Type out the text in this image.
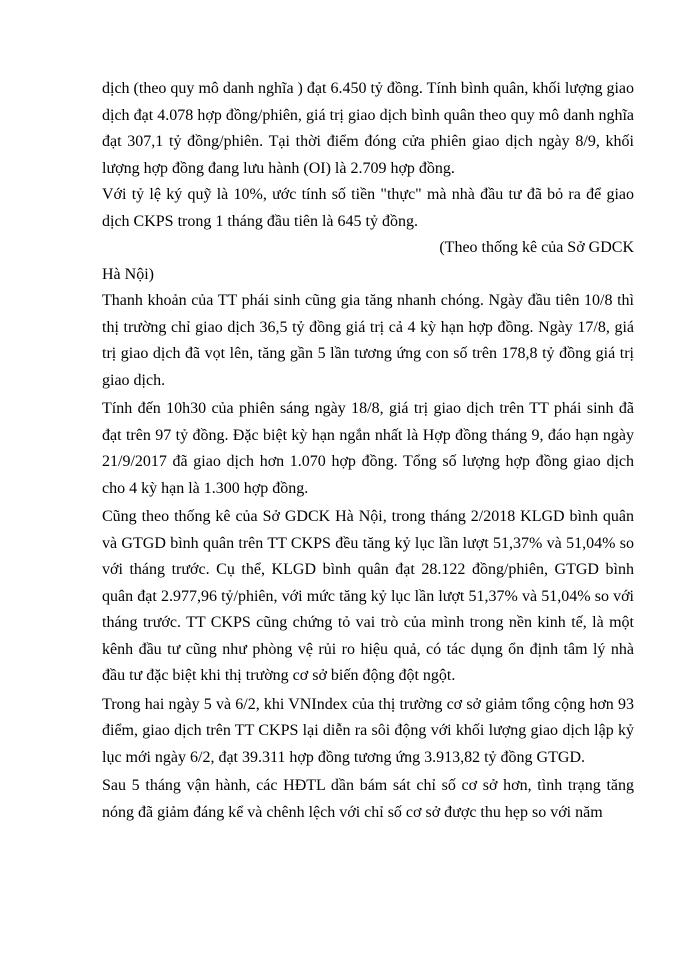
dịch (theo quy mô danh nghĩa ) đạt 6.450 tỷ đồng. Tính bình quân, khối lượng giao dịch đạt 4.078 hợp đồng/phiên, giá trị giao dịch bình quân theo quy mô danh nghĩa đạt 307,1 tỷ đồng/phiên. Tại thời điểm đóng cửa phiên giao dịch ngày 8/9, khối lượng hợp đồng đang lưu hành (OI) là 2.709 hợp đồng.

Với tỷ lệ ký quỹ là 10%, ước tính số tiền "thực" mà nhà đầu tư đã bỏ ra để giao dịch CKPS trong 1 tháng đầu tiên là 645 tỷ đồng.

(Theo thống kê của Sở GDCK

Hà Nội)

Thanh khoản của TT phái sinh cũng gia tăng nhanh chóng. Ngày đầu tiên 10/8 thì thị trường chỉ giao dịch 36,5 tỷ đồng giá trị cả 4 kỳ hạn hợp đồng. Ngày 17/8, giá trị giao dịch đã vọt lên, tăng gần 5 lần tương ứng con số trên 178,8 tỷ đồng giá trị giao dịch.

Tính đến 10h30 của phiên sáng ngày 18/8, giá trị giao dịch trên TT phái sinh đã đạt trên 97 tỷ đồng. Đặc biệt kỳ hạn ngắn nhất là Hợp đồng tháng 9, đáo hạn ngày 21/9/2017 đã giao dịch hơn 1.070 hợp đồng. Tổng số lượng hợp đồng giao dịch cho 4 kỳ hạn là 1.300 hợp đồng.

Cũng theo thống kê của Sở GDCK Hà Nội, trong tháng 2/2018 KLGD bình quân và GTGD bình quân trên TT CKPS đều tăng kỷ lục lần lượt 51,37% và 51,04% so với tháng trước. Cụ thể, KLGD bình quân đạt 28.122 đồng/phiên, GTGD bình quân đạt 2.977,96 tỷ/phiên, với mức tăng kỷ lục lần lượt 51,37% và 51,04% so với tháng trước. TT CKPS cũng chứng tỏ vai trò của mình trong nền kinh tế, là một kênh đầu tư cũng như phòng vệ rủi ro hiệu quả, có tác dụng ổn định tâm lý nhà đầu tư đặc biệt khi thị trường cơ sở biến động đột ngột.

Trong hai ngày 5 và 6/2, khi VNIndex của thị trường cơ sở giảm tổng cộng hơn 93 điểm, giao dịch trên TT CKPS lại diễn ra sôi động với khối lượng giao dịch lập kỷ lục mới ngày 6/2, đạt 39.311 hợp đồng tương ứng 3.913,82 tỷ đồng GTGD.

Sau 5 tháng vận hành, các HĐTL dần bám sát chỉ số cơ sở hơn, tình trạng tăng nóng đã giảm đáng kể và chênh lệch với chỉ số cơ sở được thu hẹp so với năm
